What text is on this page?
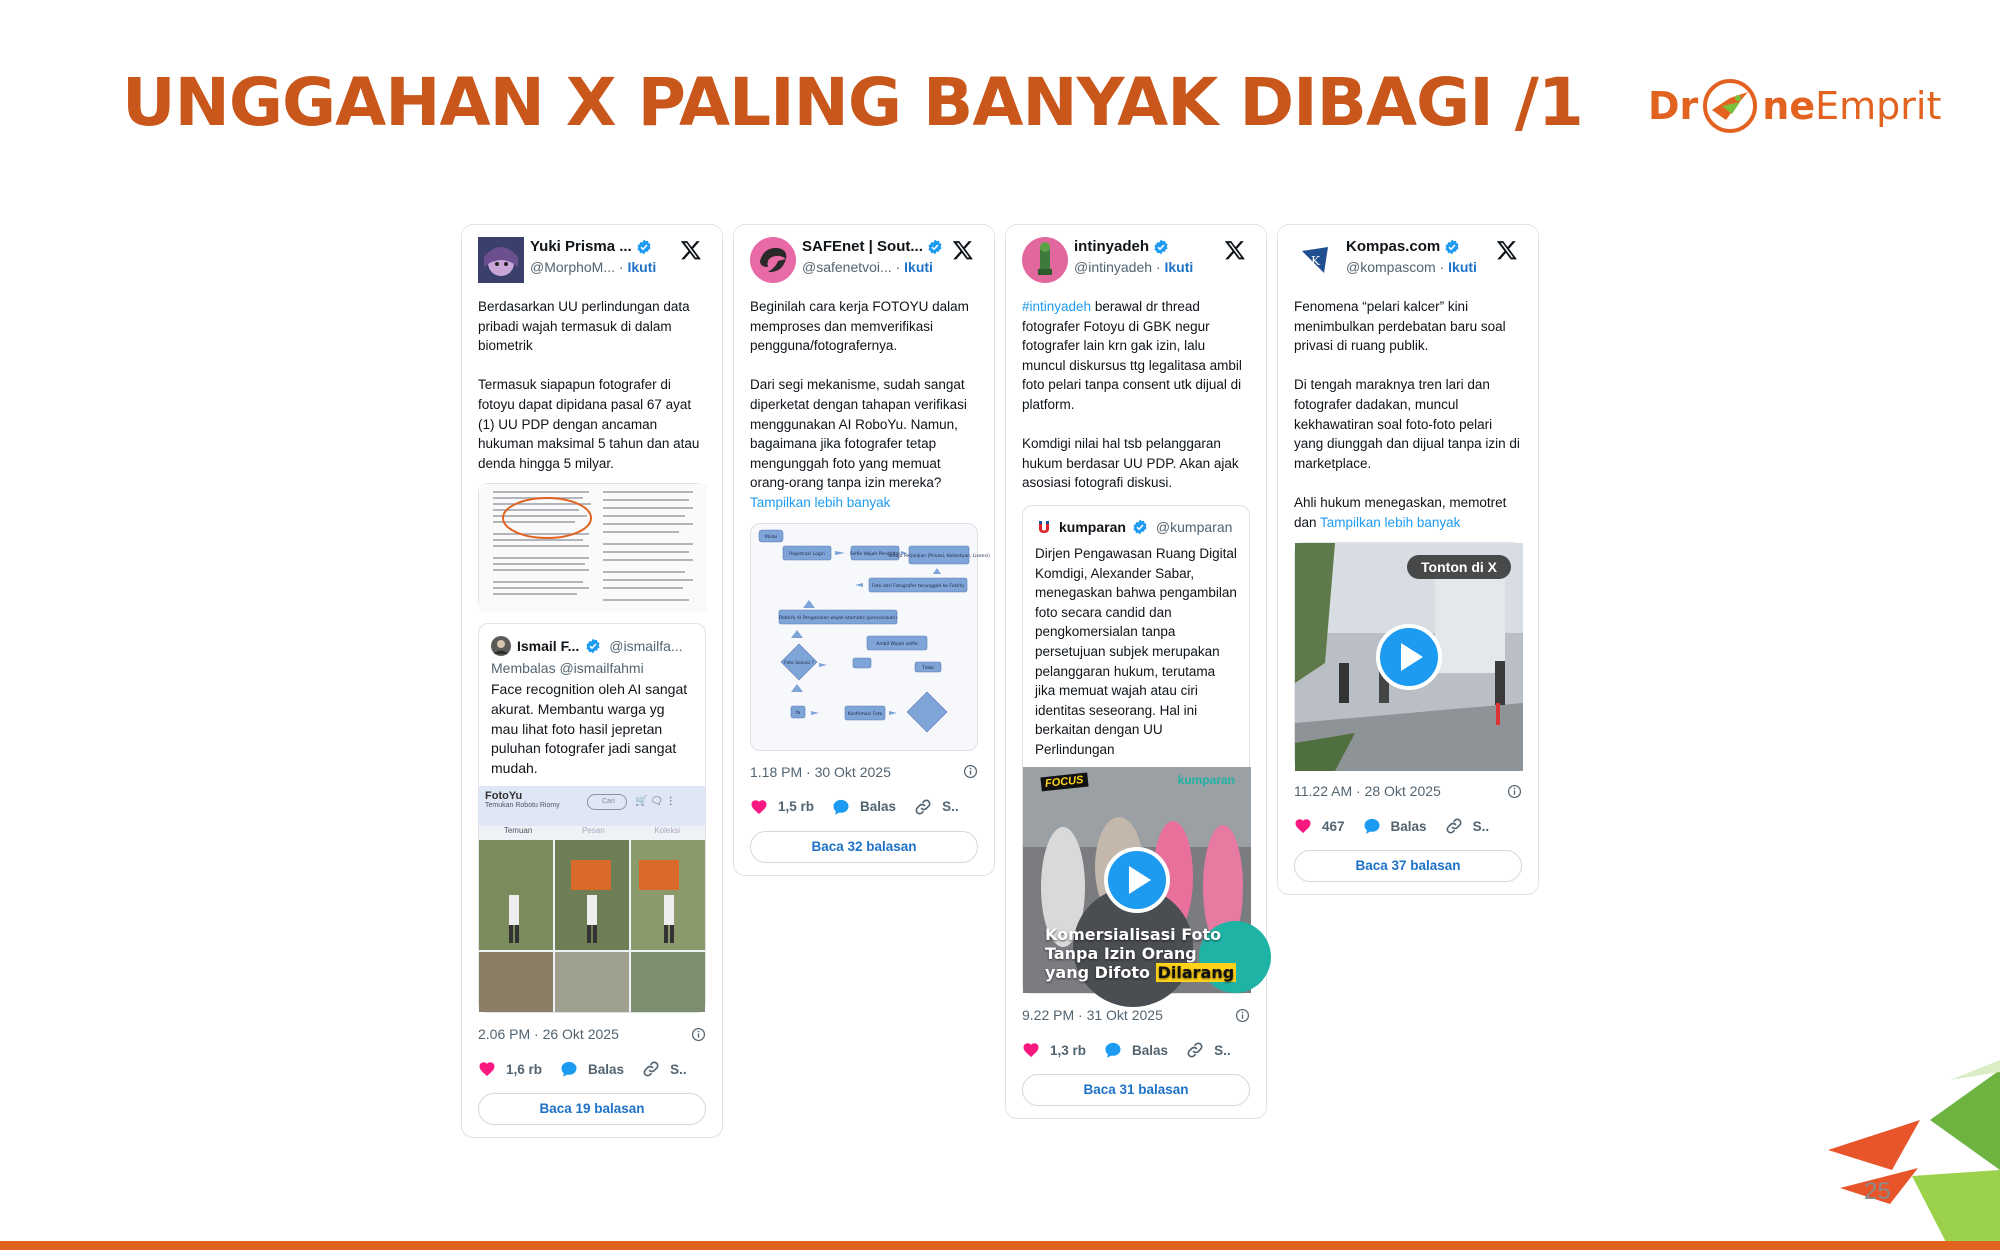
UNGGAHAN X PALING BANYAK DIBAGI /1 Dr ne Emprit
Yuki Prisma ...
@MorphoM... · Ikuti
Berdasarkan UU perlindungan data pribadi wajah termasuk di dalam biometrik

Termasuk siapapun fotografer di fotoyu dapat dipidana pasal 67 ayat (1) UU PDP dengan ancaman hukuman maksimal 5 tahun dan atau denda hingga 5 milyar.
Ismail F... @ismailfa...
Membalas @ismailfahmi
Face recognition oleh AI sangat akurat. Membantu warga yg mau lihat foto hasil jepretan puluhan fotografer jadi sangat mudah.
FotoYu
Temukan Robotu Riomy
Cari	🛒 🗨 ⋮
Temuan	Pesan	Koleksi
2.06 PM · 26 Okt 2025
1,6 rb	Balas	S..
Baca 19 balasan
SAFEnet | Sout...
@safenetvoi... · Ikuti
Beginilah cara kerja FOTOYU dalam memproses dan memverifikasi pengguna/fotografernya.

Dari segi mekanisme, sudah sangat diperketat dengan tahapan verifikasi menggunakan AI RoboYu. Namun, bagaimana jika fotografer tetap mengunggah foto yang memuat orang-orang tanpa izin mereka? Tampilkan lebih banyak
Mulai
Registrasi Login	Selfie Wajah Pendaftar
Setuju Perjanjian (Privasi, Ketentuan, Lisensi)
Foto dari Fotografer terunggah ke FotoYu
RoboYu AI Pengenalan wajah otomatis (pencocokan)
Ambil Wajah selfie
Ya
Tidak
Foto Sesuai ?
Konfirmasi Foto
1.18 PM · 30 Okt 2025
1,5 rb	Balas	S..
Baca 32 balasan
intinyadeh
@intinyadeh · Ikuti
#intinyadeh berawal dr thread fotografer Fotoyu di GBK negur fotografer lain krn gak izin, lalu muncul diskursus ttg legalitasa ambil foto pelari tanpa consent utk dijual di platform.

Komdigi nilai hal tsb pelanggaran hukum berdasar UU PDP. Akan ajak asosiasi fotografi diskusi.
kumparan @kumparan
Dirjen Pengawasan Ruang Digital Komdigi, Alexander Sabar, menegaskan bahwa pengambilan foto secara candid dan pengkomersialan tanpa persetujuan subjek merupakan pelanggaran hukum, terutama jika memuat wajah atau ciri identitas seseorang. Hal ini berkaitan dengan UU Perlindungan
FOCUS	kumparan
Komersialisasi Foto
Tanpa Izin Orang
yang Difoto Dilarang
9.22 PM · 31 Okt 2025
1,3 rb	Balas	S..
Baca 31 balasan
K
Kompas.com
@kompascom · Ikuti
Fenomena “pelari kalcer” kini menimbulkan perdebatan baru soal privasi di ruang publik.

Di tengah maraknya tren lari dan fotografer dadakan, muncul kekhawatiran soal foto-foto pelari yang diunggah dan dijual tanpa izin di marketplace.

Ahli hukum menegaskan, memotret dan Tampilkan lebih banyak
Tonton di X
11.22 AM · 28 Okt 2025
467	Balas	S..
Baca 37 balasan
25
